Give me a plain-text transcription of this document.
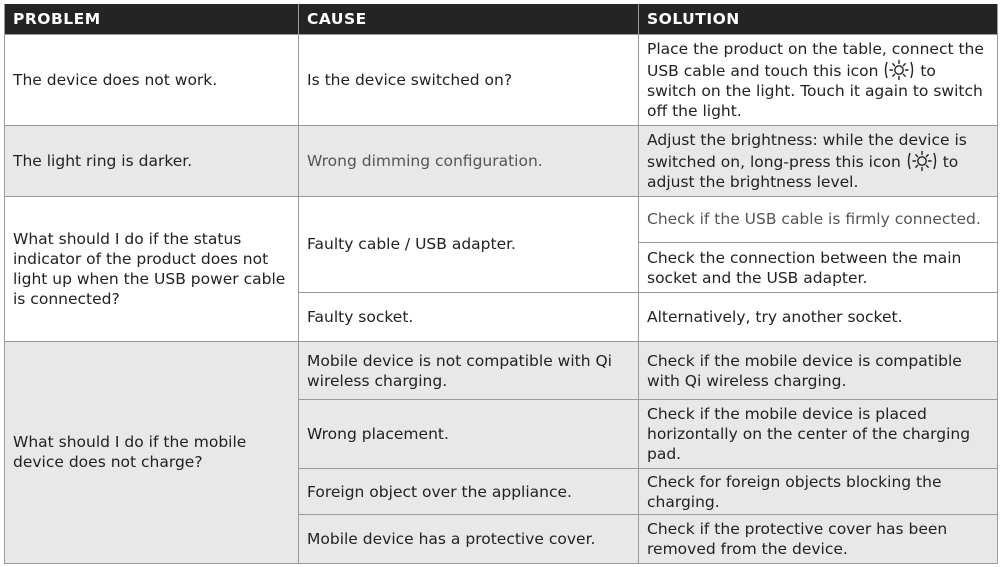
PROBLEM	CAUSE	SOLUTION
The device does not work.	Is the device switched on?	Place the product on the table, connect the USB cable and touch this icon to switch on the light. Touch it again to switch off the light.
The light ring is darker.	Wrong dimming configuration.	Adjust the brightness: while the device is switched on, long-press this icon to adjust the brightness level.
What should I do if the status indicator of the product does not light up when the USB power cable is connected?	Faulty cable / USB adapter.	Check if the USB cable is firmly connected.
		Check the connection between the main socket and the USB adapter.
	Faulty socket.	Alternatively, try another socket.
What should I do if the mobile device does not charge?	Mobile device is not compatible with Qi wireless charging.	Check if the mobile device is compatible with Qi wireless charging.
	Wrong placement.	Check if the mobile device is placed horizontally on the center of the charging pad.
	Foreign object over the appliance.	Check for foreign objects blocking the charging.
	Mobile device has a protective cover.	Check if the protective cover has been removed from the device.
